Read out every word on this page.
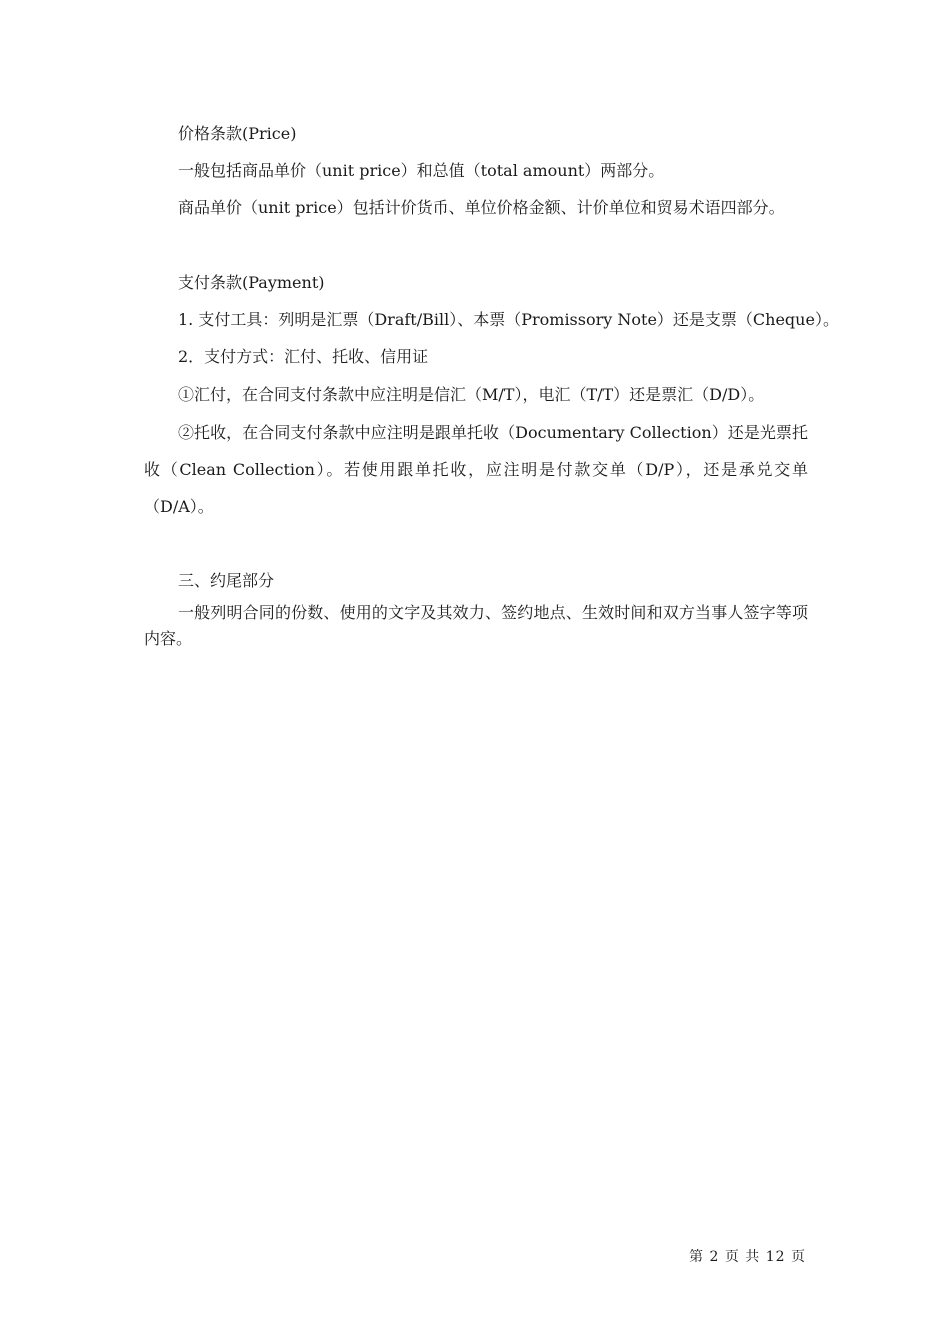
价格条款(Price)
一般包括商品单价（unit price）和总值（total amount）两部分。
商品单价（unit price）包括计价货币、单位价格金额、计价单位和贸易术语四部分。
支付条款(Payment)
1. 支付工具：列明是汇票（Draft/Bill）、本票（Promissory Note）还是支票（Cheque）。
2．支付方式：汇付、托收、信用证
①汇付，在合同支付条款中应注明是信汇（M/T），电汇（T/T）还是票汇（D/D）。
②托收，在合同支付条款中应注明是跟单托收（Documentary Collection）还是光票托收（Clean Collection）。若使用跟单托收，应注明是付款交单（D/P），还是承兑交单（D/A）。
三、约尾部分
一般列明合同的份数、使用的文字及其效力、签约地点、生效时间和双方当事人签字等项内容。
第 2 页 共 12 页
